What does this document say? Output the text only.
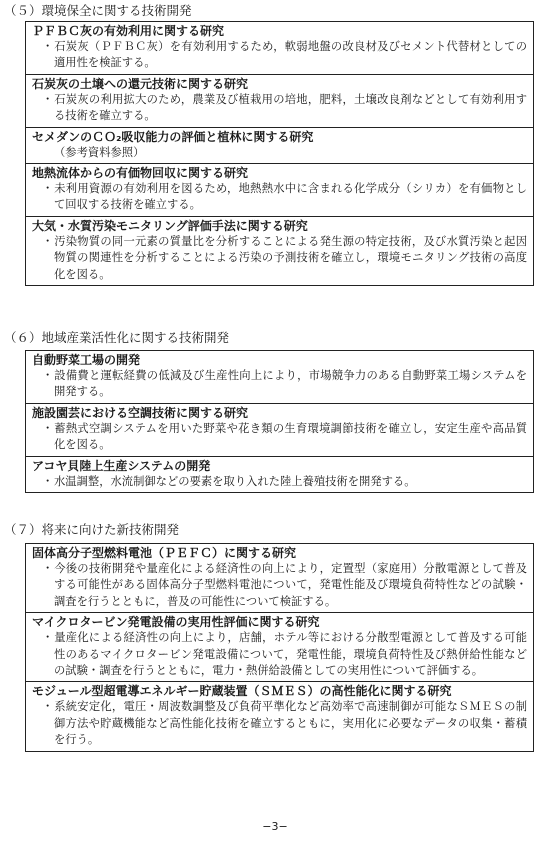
（５）環境保全に関する技術開発
ＰＦＢＣ灰の有効利用に関する研究
・石炭灰（ＰＦＢＣ灰）を有効利用するため，軟弱地盤の改良材及びセメント代替材としての適用性を検証する。
石炭灰の土壌への還元技術に関する研究
・石炭灰の利用拡大のため，農業及び植栽用の培地，肥料，土壌改良剤などとして有効利用する技術を確立する。
セメダンのＣＯ₂吸収能力の評価と植林に関する研究
（参考資料参照）
地熱流体からの有価物回収に関する研究
・未利用資源の有効利用を図るため，地熱熱水中に含まれる化学成分（シリカ）を有価物として回収する技術を確立する。
大気・水質汚染モニタリング評価手法に関する研究
・汚染物質の同一元素の質量比を分析することによる発生源の特定技術，及び水質汚染と起因物質の関連性を分析することによる汚染の予測技術を確立し，環境モニタリング技術の高度化を図る。
（６）地域産業活性化に関する技術開発
自動野菜工場の開発
・設備費と運転経費の低減及び生産性向上により，市場競争力のある自動野菜工場システムを開発する。
施設園芸における空調技術に関する研究
・蓄熱式空調システムを用いた野菜や花き類の生育環境調節技術を確立し，安定生産や高品質化を図る。
アコヤ貝陸上生産システムの開発
・水温調整，水流制御などの要素を取り入れた陸上養殖技術を開発する。
（７）将来に向けた新技術開発
固体高分子型燃料電池（ＰＥＦＣ）に関する研究
・今後の技術開発や量産化による経済性の向上により，定置型（家庭用）分散電源として普及する可能性がある固体高分子型燃料電池について，発電性能及び環境負荷特性などの試験・調査を行うとともに，普及の可能性について検証する。
マイクロタービン発電設備の実用性評価に関する研究
・量産化による経済性の向上により，店舗，ホテル等における分散型電源として普及する可能性のあるマイクロタービン発電設備について，発電性能，環境負荷特性及び熱併給性能などの試験・調査を行うとともに，電力・熱併給設備としての実用性について評価する。
モジュール型超電導エネルギー貯蔵装置（ＳＭＥＳ）の高性能化に関する研究
・系統安定化，電圧・周波数調整及び負荷平準化など高効率で高速制御が可能なＳＭＥＳの制御方法や貯蔵機能など高性能化技術を確立するともに，実用化に必要なデータの収集・蓄積を行う。
−3−
